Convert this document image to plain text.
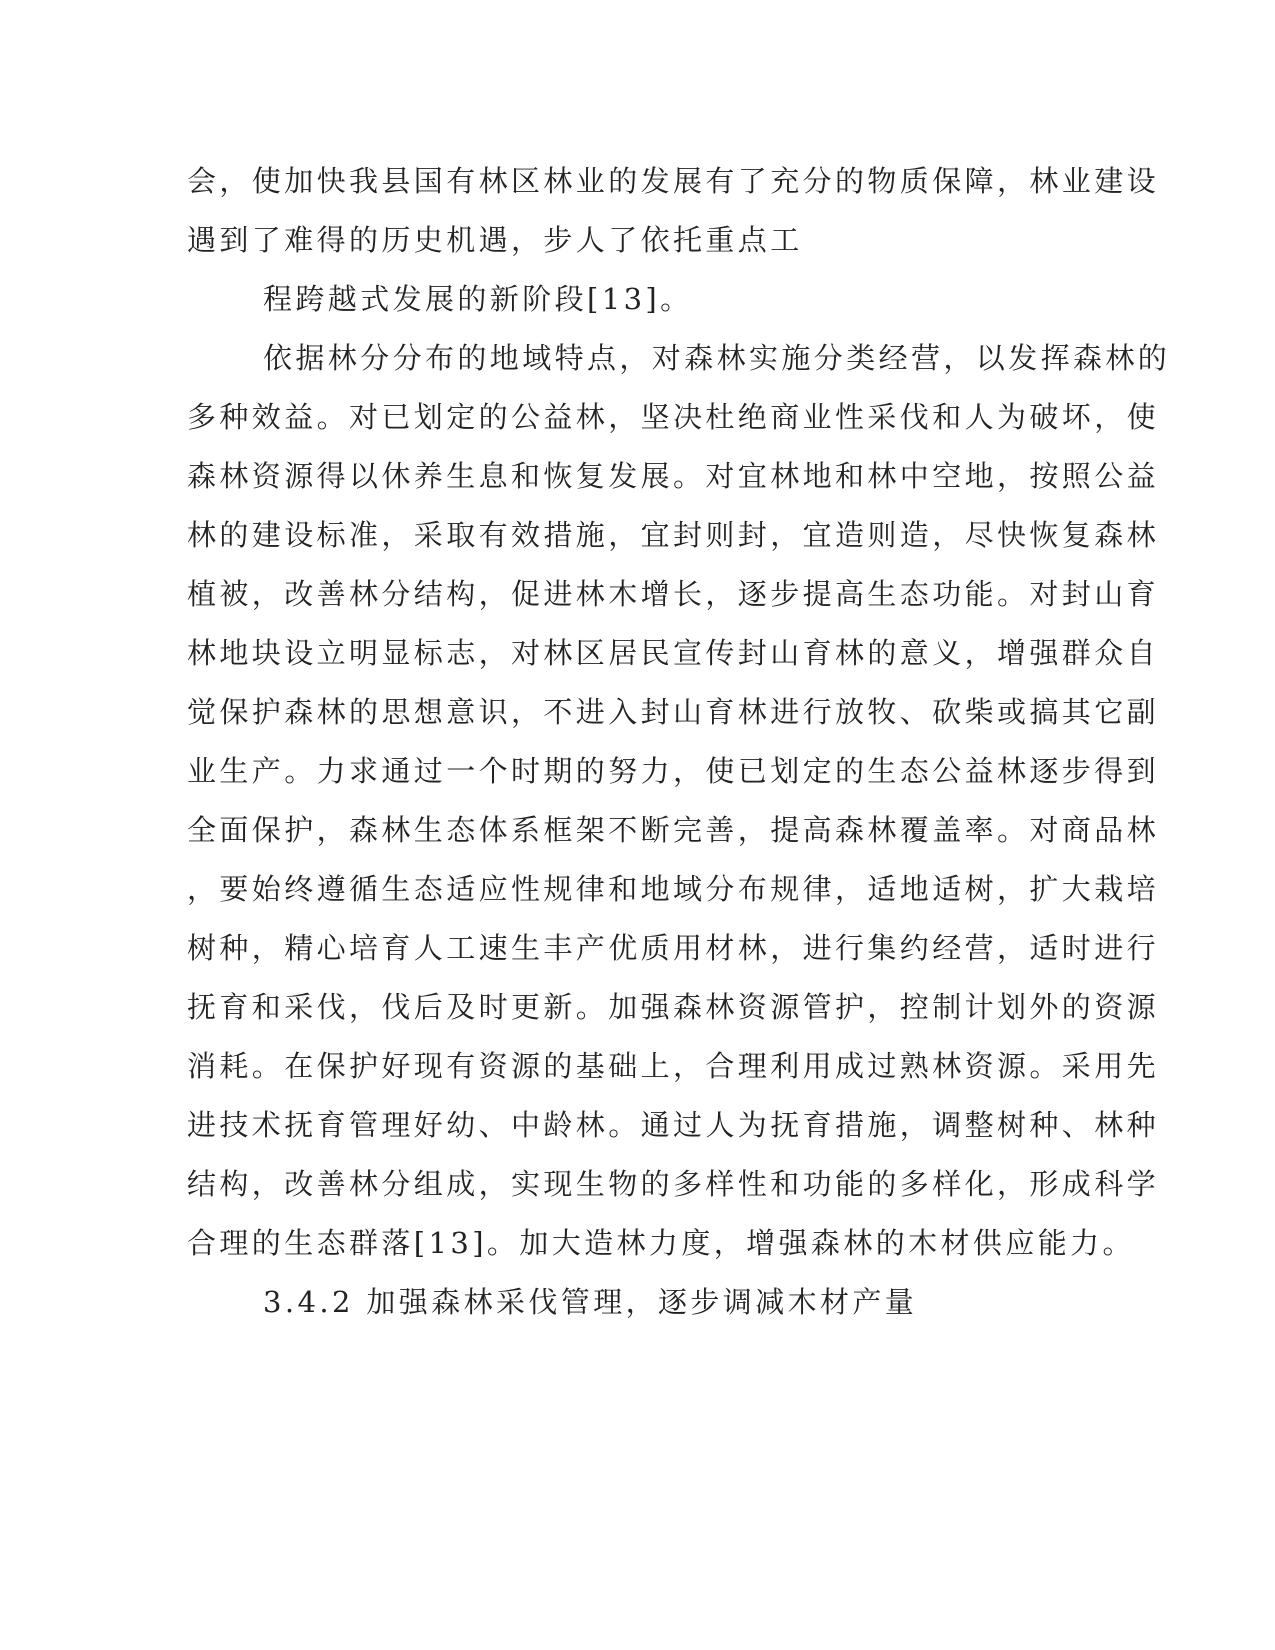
会，使加快我县国有林区林业的发展有了充分的物质保障，林业建设
遇到了难得的历史机遇，步人了依托重点工
程跨越式发展的新阶段[13]。
依据林分分布的地域特点，对森林实施分类经营，以发挥森林的
多种效益。对已划定的公益林，坚决杜绝商业性采伐和人为破坏，使
森林资源得以休养生息和恢复发展。对宜林地和林中空地，按照公益
林的建设标准，采取有效措施，宜封则封，宜造则造，尽快恢复森林
植被，改善林分结构，促进林木增长，逐步提高生态功能。对封山育
林地块设立明显标志，对林区居民宣传封山育林的意义，增强群众自
觉保护森林的思想意识，不进入封山育林进行放牧、砍柴或搞其它副
业生产。力求通过一个时期的努力，使已划定的生态公益林逐步得到
全面保护，森林生态体系框架不断完善，提高森林覆盖率。对商品林
，要始终遵循生态适应性规律和地域分布规律，适地适树，扩大栽培
树种，精心培育人工速生丰产优质用材林，进行集约经营，适时进行
抚育和采伐，伐后及时更新。加强森林资源管护，控制计划外的资源
消耗。在保护好现有资源的基础上，合理利用成过熟林资源。采用先
进技术抚育管理好幼、中龄林。通过人为抚育措施，调整树种、林种
结构，改善林分组成，实现生物的多样性和功能的多样化，形成科学
合理的生态群落[13]。加大造林力度，增强森林的木材供应能力。
3.4.2 加强森林采伐管理，逐步调减木材产量
